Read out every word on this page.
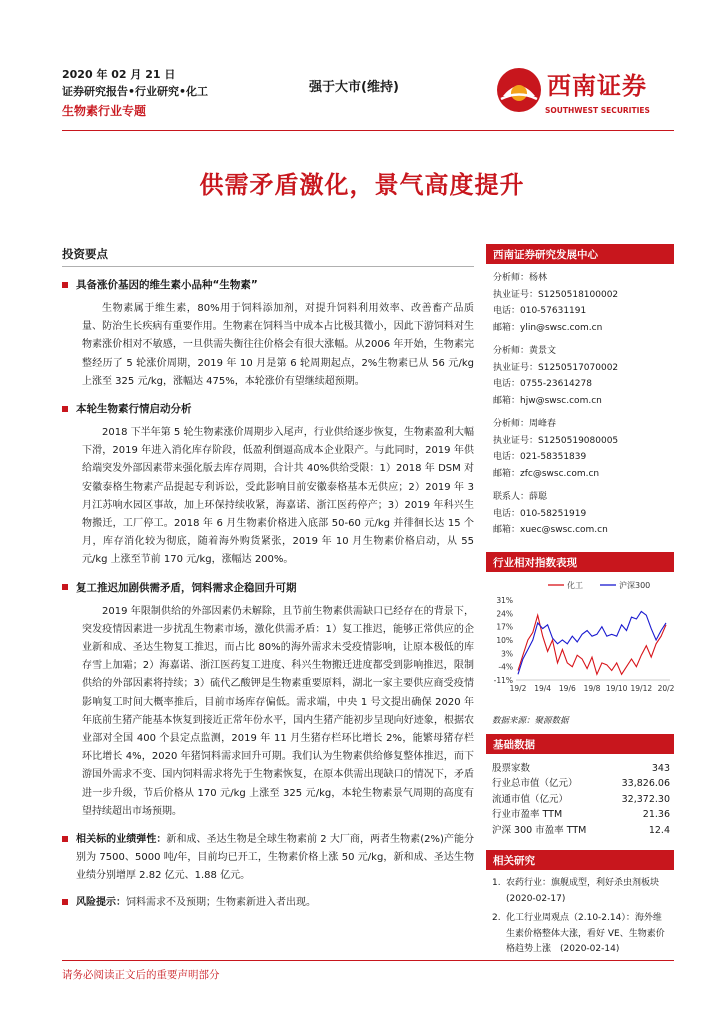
2020 年 02 月 21 日
证券研究报告•行业研究•化工
生物素行业专题
强于大市(维持)	西南证券
SOUTHWEST SECURITIES
供需矛盾激化，景气高度提升
投资要点
具备涨价基因的维生素小品种“生物素”

生物素属于维生素，80%用于饲料添加剂，对提升饲料利用效率、改善畜产品质量、防治生长疾病有重要作用。生物素在饲料当中成本占比极其微小，因此下游饲料对生物素涨价相对不敏感，一旦供需失衡往往价格会有很大涨幅。从2006 年开始，生物素完整经历了 5 轮涨价周期，2019 年 10 月是第 6 轮周期起点，2%生物素已从 56 元/kg 上涨至 325 元/kg，涨幅达 475%，本轮涨价有望继续超预期。

本轮生物素行情启动分析

2018 下半年第 5 轮生物素涨价周期步入尾声，行业供给逐步恢复，生物素盈利大幅下滑，2019 年进入消化库存阶段，低盈利倒逼高成本企业限产。与此同时，2019 年供给端突发外部因素带来强化版去库存周期，合计共 40%供给受限：1）2018 年 DSM 对安徽泰格生物素产品提起专利诉讼，受此影响目前安徽泰格基本无供应；2）2019 年 3 月江苏响水园区事故，加上环保持续收紧，海嘉诺、浙江医药停产；3）2019 年科兴生物搬迁，工厂停工。2018 年 6 月生物素价格进入底部 50-60 元/kg 并徘徊长达 15 个月，库存消化较为彻底，随着海外购货紧张，2019 年 10 月生物素价格启动，从 55 元/kg 上涨至节前 170 元/kg，涨幅达 200%。

复工推迟加剧供需矛盾，饲料需求企稳回升可期

2019 年限制供给的外部因素仍未解除，且节前生物素供需缺口已经存在的背景下，突发疫情因素进一步扰乱生物素市场，激化供需矛盾：1）复工推迟，能够正常供应的企业新和成、圣达生物复工推迟，而占比 80%的海外需求未受疫情影响，让原本极低的库存雪上加霜；2）海嘉诺、浙江医药复工进度、科兴生物搬迁进度都受到影响推迟，限制供给的外部因素将持续；3）硫代乙酸钾是生物素重要原料，湖北一家主要供应商受疫情影响复工时间大概率推后，目前市场库存偏低。需求端，中央 1 号文提出确保 2020 年年底前生猪产能基本恢复到接近正常年份水平，国内生猪产能初步呈现向好迹象，根据农业部对全国 400 个县定点监测，2019 年 11 月生猪存栏环比增长 2%，能繁母猪存栏环比增长 4%，2020 年猪饲料需求回升可期。我们认为生物素供给修复整体推迟，而下游国外需求不变、国内饲料需求将先于生物素恢复，在原本供需出现缺口的情况下，矛盾进一步升级，节后价格从 170 元/kg 上涨至 325 元/kg，本轮生物素景气周期的高度有望持续超出市场预期。

相关标的业绩弹性：新和成、圣达生物是全球生物素前 2 大厂商，两者生物素(2%)产能分别为 7500、5000 吨/年，目前均已开工，生物素价格上涨 50 元/kg，新和成、圣达生物业绩分别增厚 2.82 亿元、1.88 亿元。

风险提示：饲料需求不及预期；生物素新进入者出现。

西南证券研究发展中心
分析师：杨林
执业证号：S1250518100002
电话：010-57631191
邮箱：ylin@swsc.com.cn
分析师：黄景文
执业证号：S1250517070002
电话：0755-23614278
邮箱：hjw@swsc.com.cn
分析师：周峰春
执业证号：S1250519080005
电话：021-58351839
邮箱：zfc@swsc.com.cn
联系人：薛聪
电话：010-58251919
邮箱：xuec@swsc.com.cn
行业相对指数表现
化工	沪深300
31%
24%
17%
10%
3%
-4%
-11%
19/2 19/4 19/6 19/8 19/10 19/12 20/2
数据来源：聚源数据
基础数据
股票家数	343
行业总市值（亿元）	33,826.06
流通市值（亿元）	32,372.30
行业市盈率 TTM	21.36
沪深 300 市盈率 TTM	12.4
相关研究
1. 农药行业：旗舰成型，利好杀虫剂板块 (2020-02-17)
2. 化工行业周观点（2.10-2.14）：海外维生素价格整体大涨，看好 VE、生物素价格趋势上涨　(2020-02-14)
请务必阅读正文后的重要声明部分
